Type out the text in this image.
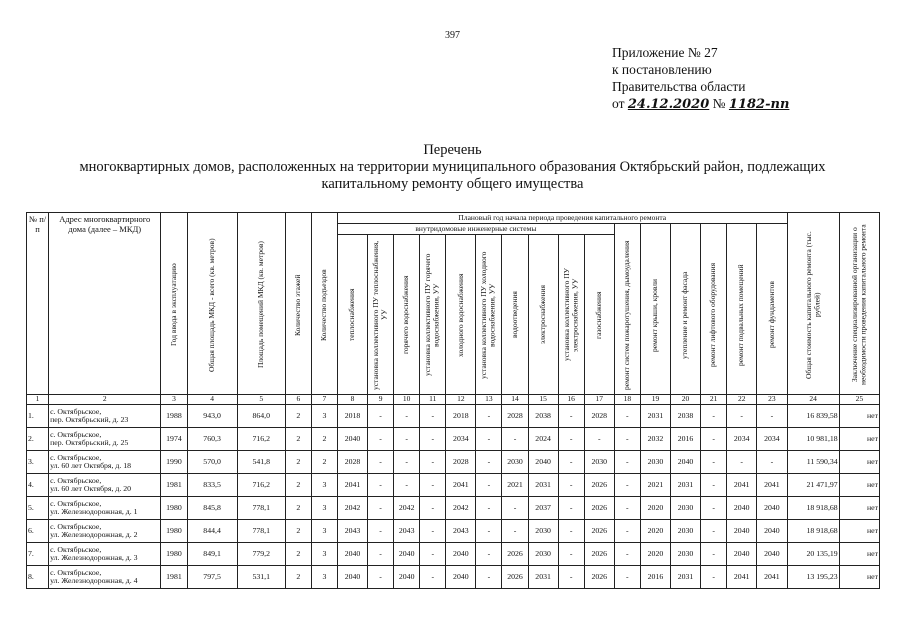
397
Приложение № 27
к постановлению
Правительства области
от 24.12.2020 № 1182-пп
Перечень
многоквартирных домов, расположенных на территории муниципального образования Октябрьский район, подлежащих
капитальному ремонту общего имущества
№ п/п	Адрес многоквартирного дома (далее – МКД)	Год ввода в эксплуатацию	Общая площадь МКД - всего (кв. метров)	Площадь помещений МКД (кв. метров)	Количество этажей	Количество подъездов	Плановый год начала периода проведения капитального ремонта																Общая стоимость капитального ремонта (тыс. рублей)	Заключение специализированной организации о необходимости проведения капитального ремонта
							внутридомовые инженерные системы										ремонт систем пожаротушения, дымоудаления	ремонт крыши, кровли	утепление и ремонт фасада	ремонт лифтового оборудования	ремонт подвальных помещений	ремонт фундаментов		
							теплоснабжения	установка коллективного ПУ теплоснабжения, УУ	горячего водоснабжения	установка коллективного ПУ горячего водоснабжения, УУ	холодного водоснабжения	установка коллективного ПУ холодного водоснабжения, УУ	водоотведения	электроснабжения	установка коллективного ПУ электроснабжения, УУ	газоснабжения								
1	2	3	4	5	6	7	8	9	10	11	12	13	14	15	16	17	18	19	20	21	22	23	24	25
1.	с. Октябрьское,
пер. Октябрьский, д. 23	1988	943,0	864,0	2	3	2018	-	-	-	2018	-	2028	2038	-	2028	-	2031	2038	-	-	-	16 839,58	нет
2.	с. Октябрьское,
пер. Октябрьский, д. 25	1974	760,3	716,2	2	2	2040	-	-	-	2034	-	-	2024	-	-	-	2032	2016	-	2034	2034	10 981,18	нет
3.	с. Октябрьское,
ул. 60 лет Октября, д. 18	1990	570,0	541,8	2	2	2028	-	-	-	2028	-	2030	2040	-	2030	-	2030	2040	-	-	-	11 590,34	нет
4.	с. Октябрьское,
ул. 60 лет Октября, д. 20	1981	833,5	716,2	2	3	2041	-	-	-	2041	-	2021	2031	-	2026	-	2021	2031	-	2041	2041	21 471,97	нет
5.	с. Октябрьское,
ул. Железнодорожная, д. 1	1980	845,8	778,1	2	3	2042	-	2042	-	2042	-	-	2037	-	2026	-	2020	2030	-	2040	2040	18 918,68	нет
6.	с. Октябрьское,
ул. Железнодорожная, д. 2	1980	844,4	778,1	2	3	2043	-	2043	-	2043	-	-	2030	-	2026	-	2020	2030	-	2040	2040	18 918,68	нет
7.	с. Октябрьское,
ул. Железнодорожная, д. 3	1980	849,1	779,2	2	3	2040	-	2040	-	2040	-	2026	2030	-	2026	-	2020	2030	-	2040	2040	20 135,19	нет
8.	с. Октябрьское,
ул. Железнодорожная, д. 4	1981	797,5	531,1	2	3	2040	-	2040	-	2040	-	2026	2031	-	2026	-	2016	2031	-	2041	2041	13 195,23	нет
